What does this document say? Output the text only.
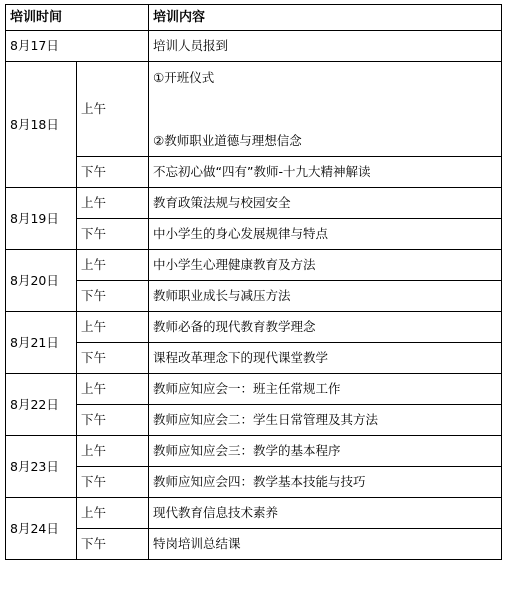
培训时间		培训内容
8月17日		培训人员报到
8月18日	上午	①开班仪式
②教师职业道德与理想信念

	下午	不忘初心做“四有”教师-十九大精神解读
8月19日	上午	教育政策法规与校园安全
	下午	中小学生的身心发展规律与特点
8月20日	上午	中小学生心理健康教育及方法
	下午	教师职业成长与减压方法
8月21日	上午	教师必备的现代教育教学理念
	下午	课程改革理念下的现代课堂教学
8月22日	上午	教师应知应会一：班主任常规工作
	下午	教师应知应会二：学生日常管理及其方法
8月23日	上午	教师应知应会三：教学的基本程序
	下午	教师应知应会四：教学基本技能与技巧
8月24日	上午	现代教育信息技术素养
	下午	特岗培训总结课
